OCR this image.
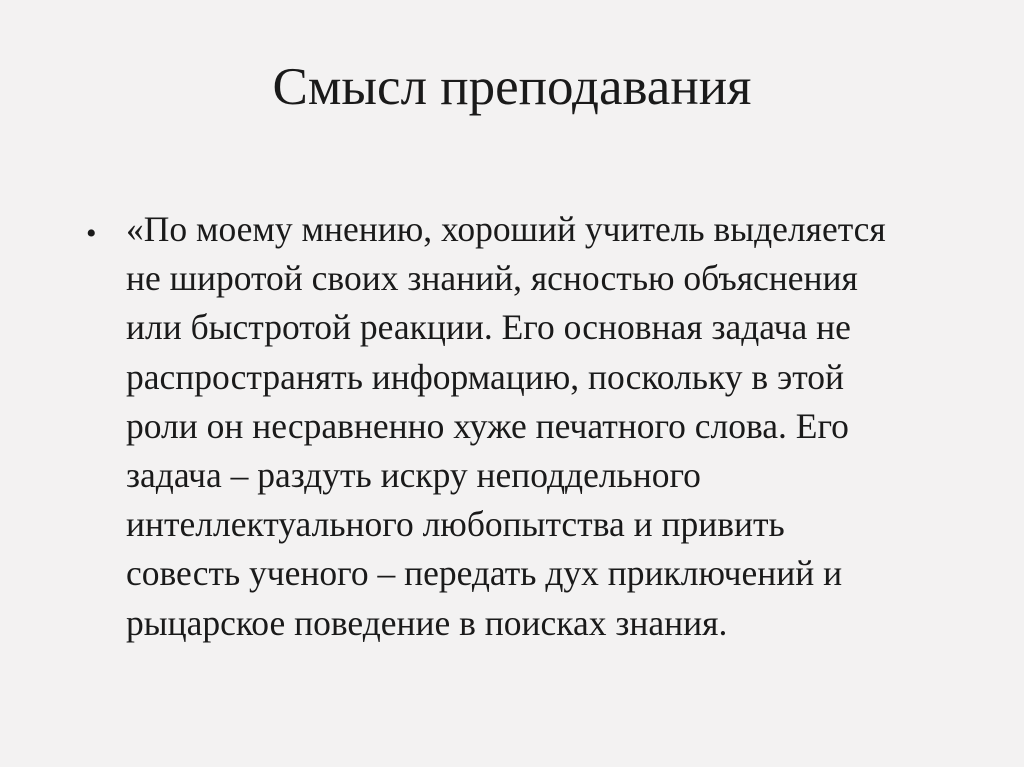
Смысл преподавания
• «По моему мнению, хороший учитель выделяется
не широтой своих знаний, ясностью объяснения
или быстротой реакции. Его основная задача не
распространять информацию, поскольку в этой
роли он несравненно хуже печатного слова. Его
задача – раздуть искру неподдельного
интеллектуального любопытства и привить
совесть ученого – передать дух приключений и
рыцарское поведение в поисках знания.
